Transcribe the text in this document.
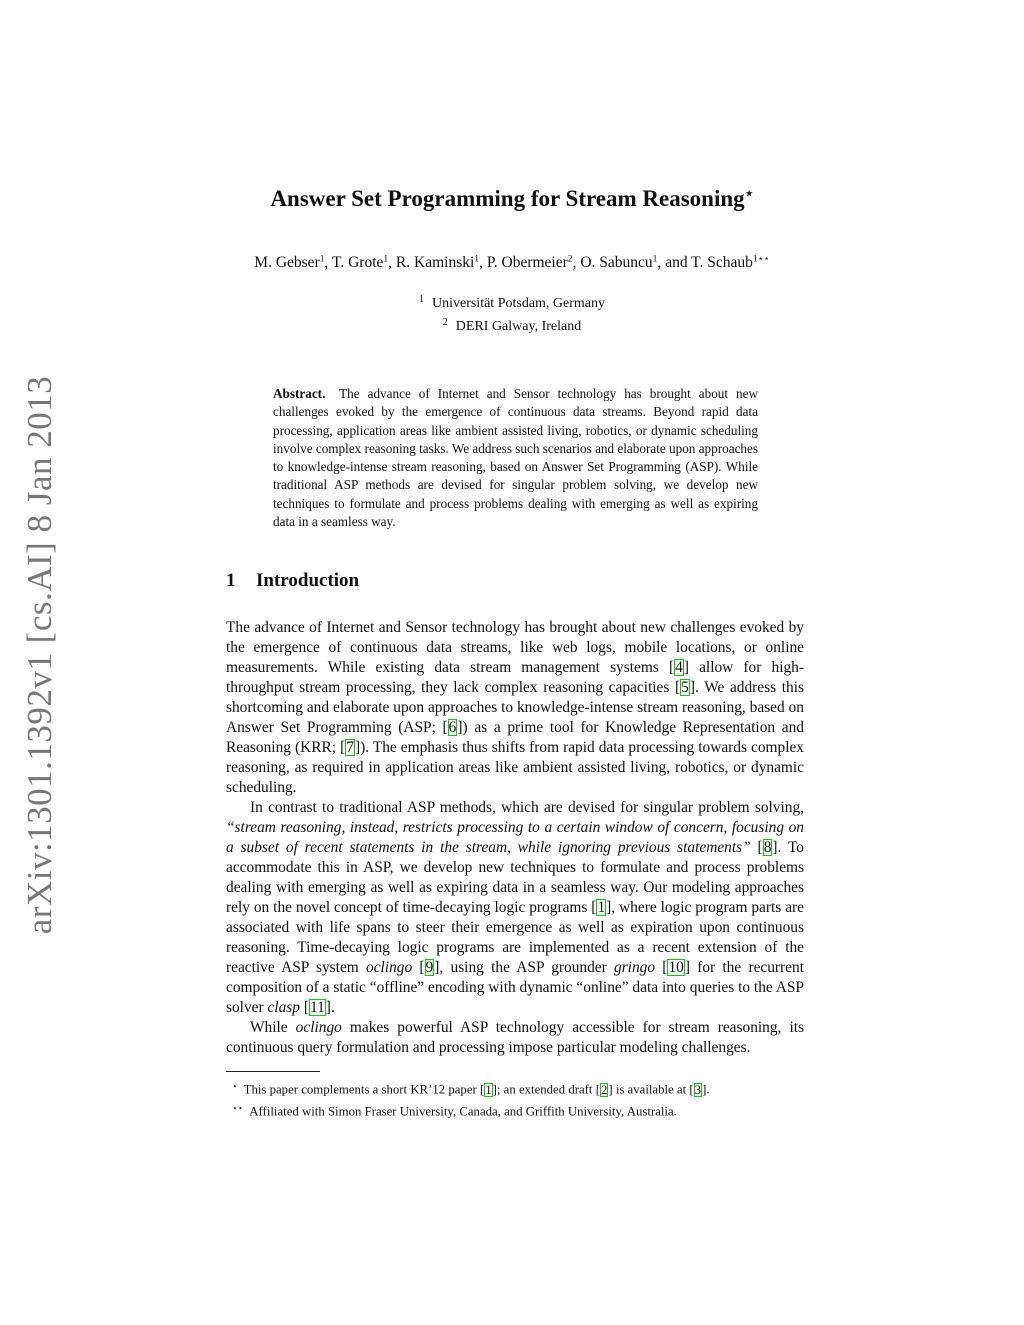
arXiv:1301.1392v1 [cs.AI] 8 Jan 2013
Answer Set Programming for Stream Reasoning⋆
M. Gebser$^1$, T. Grote$^1$, R. Kaminski$^1$, P. Obermeier$^2$, O. Sabuncu$^1$, and T. Schaub$^{1⋆⋆}$
$^1$ Universität Potsdam, Germany
$^2$ DERI Galway, Ireland
Abstract. The advance of Internet and Sensor technology has brought about new challenges evoked by the emergence of continuous data streams. Beyond rapid data processing, application areas like ambient assisted living, robotics, or dynamic scheduling involve complex reasoning tasks. We address such scenarios and elaborate upon approaches to knowledge-intense stream reasoning, based on Answer Set Programming (ASP). While traditional ASP methods are devised for singular problem solving, we develop new techniques to formulate and process problems dealing with emerging as well as expiring data in a seamless way.
1 Introduction

The advance of Internet and Sensor technology has brought about new challenges evoked by the emergence of continuous data streams, like web logs, mobile locations, or online measurements. While existing data stream management systems [4] allow for high-throughput stream processing, they lack complex reasoning capacities [5]. We address this shortcoming and elaborate upon approaches to knowledge-intense stream reasoning, based on Answer Set Programming (ASP; [6]) as a prime tool for Knowledge Representation and Reasoning (KRR; [7]). The emphasis thus shifts from rapid data processing towards complex reasoning, as required in application areas like ambient assisted living, robotics, or dynamic scheduling.

In contrast to traditional ASP methods, which are devised for singular problem solving, “stream reasoning, instead, restricts processing to a certain window of concern, focusing on a subset of recent statements in the stream, while ignoring previous statements” [8]. To accommodate this in ASP, we develop new techniques to formulate and process problems dealing with emerging as well as expiring data in a seamless way. Our modeling approaches rely on the novel concept of time-decaying logic programs [1], where logic program parts are associated with life spans to steer their emergence as well as expiration upon continuous reasoning. Time-decaying logic programs are implemented as a recent extension of the reactive ASP system oclingo [9], using the ASP grounder gringo [10] for the recurrent composition of a static “offline” encoding with dynamic “online” data into queries to the ASP solver clasp [11].

While oclingo makes powerful ASP technology accessible for stream reasoning, its continuous query formulation and processing impose particular modeling challenges.

⋆ This paper complements a short KR’12 paper [1]; an extended draft [2] is available at [3].
⋆⋆ Affiliated with Simon Fraser University, Canada, and Griffith University, Australia.
